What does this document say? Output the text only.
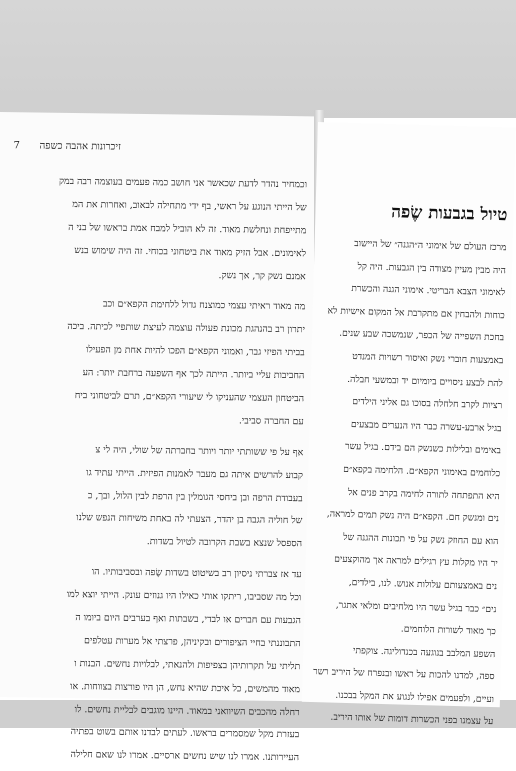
7 זיכרונות אהבה כשפה
וכמחיר נהדר לדעת שכאשר אני חושב כמה פעמים בעוצמה רבה במק
של הייתי הנוגע על ראשי, בף ידי מתחילה לבאוב, ואחרות את המ
מתייפחת ונחלשת מאוד. זה לא הוביל למבח אמת בראשו של בני ה
לאימונים. אבל הזיק מאוד את ביטחוני בכוחי. זה היה שימוש בנש
אמנם נשק קר, אך נשק.
מה מאוד ראיתי עצמי כמוצנח גדול ללחימת הקפא״ם וכב
יתרון רב בהנהגת מכונת פעולה עוצמה לעיצת שותפיי לכיתה. ביכה
בביתי הפיזי גבר, ואמוני הקפא״ם הפכו להיות אחת מן הפעילו
החביבות עליי ביותר. הייתה לכך אף השפעה ברחבת יותר: הע
הביטחון העצמי שהעניקו לי שיעורי הקפא״ם, תרם לביטחוני ביח
עם החברה סביבי.
אף על פי ששותתי יותר ויותר בחברתה של שולי, היה לי צ
קבוע להרשים איתה גם מעבר לאמנות הפיזית. הייתי עתיד גו
בעבודת הרפה ובן ביחסי הגומלין בין הרפת לבין הלול, ובך, כ
של חוליה הגבה בן יהדר, הצעתי לה באחת משיחות הנפש שלנו
הספסל שנצא בשבת הקרובה לטיול בשדות.
עד אז צברתי ניסיון רב בשיטוט בשדות שֶׂפה ובסביבותיו. הו
וכל מה שסביבו, ריתקו אותי כאילו היו גנוזים עונק. הייתי יוצא למו
הגבעות עם חברים או לבדי, בשבתות ואף בערבים היום ביומו ה
התבוננתי בחיי הציפורים ובקיניהן, פרצתי אל מערות עטלפים
תליתי על תקרותיהן בצפיפות ולהנאתי, לבלויות נחשים. הבנות ו
מאוד מהמשים, כל איכת שהיא נחש, הן היו פורצות בצווחות. או
רחלה מהכבים השיוואני במאוד. היינו מוגבים לבליית נחשים. לו
בעזרת מקל שמסמרים בראשו. לעתים לבדנו אותם בשוט בפתיה
העיירותנו. אמרו לנו שיש נחשים ארסיים. אמרו לנו שאם חלילה
טיול בגבעות שֶׂפה
מרכז העולם של אימוני ה״הגנה״ של היישוב
היה מבין מעיין מצודה בין הגבעות. היה קל
לאימוני הצבא הבריטי. אימוני הגנה והכשרת
כוחות ולהבחין אם מתקרבת אל המקום אישיות לא
בחכת השפייה של הכפר, שנמשכה שבע שנים.
באמצעות חוברי נשק ואיסור רשויות המנדט
להת לבצע ניסויים ביומיום יד ובמשעי חבלה.
רציות לקרב חלחלה בסוכו גם אליני הילדים
בגיל ארבע-עשרה כבר היו הנערים מבצעים
באימים ובלילות כשנשק הם בידם. בגיל עשר
כלוחמים באימוני הקפא״ם. הלחימה בקפא״ם
היא התפתחה לתורה לחימה בקרב פנים אל
נים ומנשק חם. הקפא״ם היה נשק תמים למראה,
הוא עם החוזק נשק על פי תכונות ההגנה של
יר היו מקלות עץ רגילים למראה אך מהוקצעים
נים באמצעותם עלולות אנוש. לנו, בילדים,
נים״ כבר בגיל עשר היו מלחיבים ומלאי אתגר,
כך מאוד לשורות הלוחמים.
השפע המלבב בנוגעה בכנדוליגה. צוקפתי
ספה, למדנו להכות על ראשו ובנפרח של היריב רשר
ועיים, ולפעמים אפילו לנגוע את המקל בבכנו.
על עצמנו בפני הכשרות דומות של אותו היריב.
